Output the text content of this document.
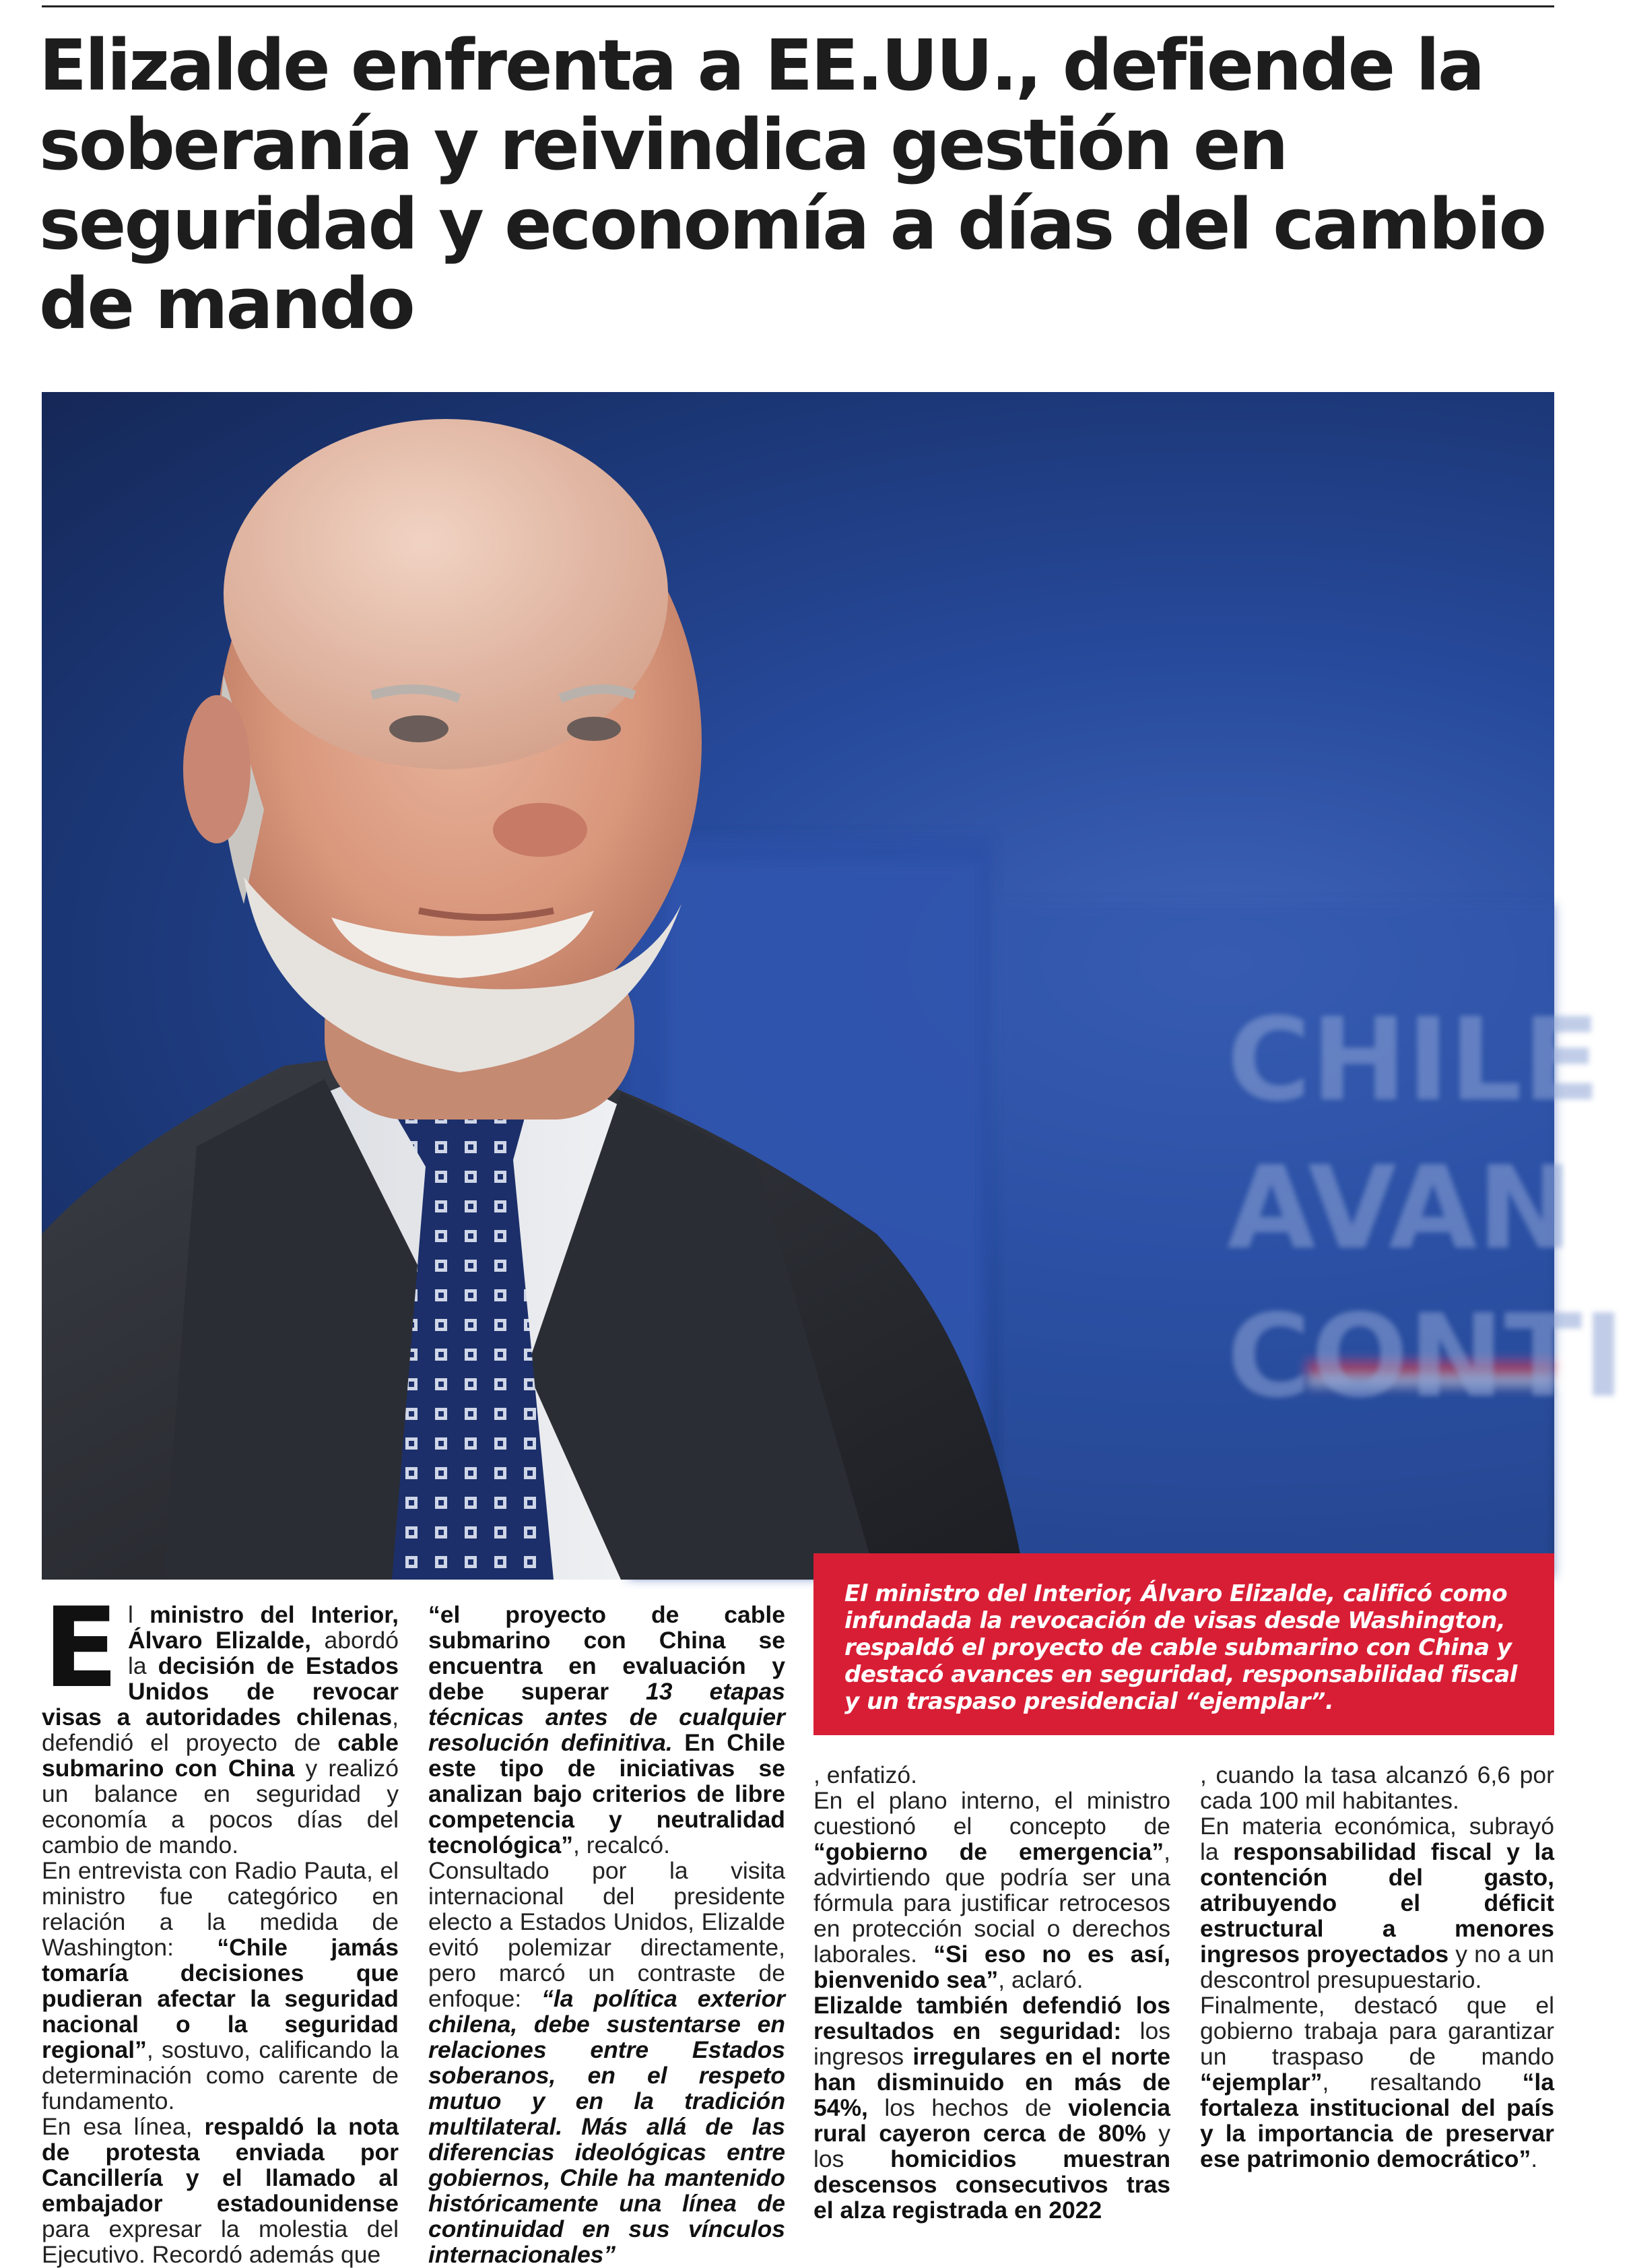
Elizalde enfrenta a EE.UU., defiende la soberanía y reivindica gestión en seguridad y economía a días del cambio de mando
CHILE
AVAN
CONTI

El ministro del Interior, Álvaro Elizalde, calificó como infundada la revocación de visas desde Washington, respaldó el proyecto de cable submarino con China y destacó avances en seguridad, responsabilidad fiscal y un traspaso presidencial “ejemplar”.

El ministro del Interior, Álvaro Elizalde, abordó la decisión de Estados Unidos de revocar visas a autoridades chilenas, defendió el proyecto de cable submarino con China y realizó un balance en seguridad y economía a pocos días del cambio de mando.

En entrevista con Radio Pauta, el ministro fue categórico en relación a la medida de Washington: “Chile jamás tomaría decisiones que pudieran afectar la seguridad nacional o la seguridad regional”, sostuvo, calificando la determinación como carente de fundamento.

En esa línea, respaldó la nota de protesta enviada por Cancillería y el llamado al embajador estadounidense para expresar la molestia del Ejecutivo. Recordó además que

“el proyecto de cable submarino con China se encuentra en evaluación y debe superar 13 etapas técnicas antes de cualquier resolución definitiva. En Chile este tipo de iniciativas se analizan bajo criterios de libre competencia y neutralidad tecnológica”, recalcó.

Consultado por la visita internacional del presidente electo a Estados Unidos, Elizalde evitó polemizar directamente, pero marcó un contraste de enfoque: “la política exterior chilena, debe sustentarse en relaciones entre Estados soberanos, en el respeto mutuo y en la tradición multilateral. Más allá de las diferencias ideológicas entre gobiernos, Chile ha mantenido históricamente una línea de continuidad en sus vínculos internacionales”

, enfatizó.

En el plano interno, el ministro cuestionó el concepto de “gobierno de emergencia”, advirtiendo que podría ser una fórmula para justificar retrocesos en protección social o derechos laborales. “Si eso no es así, bienvenido sea”, aclaró.

Elizalde también defendió los resultados en seguridad: los ingresos irregulares en el norte han disminuido en más de 54%, los hechos de violencia rural cayeron cerca de 80% y los homicidios muestran descensos consecutivos tras el alza registrada en 2022

, cuando la tasa alcanzó 6,6 por cada 100 mil habitantes.

En materia económica, subrayó la responsabilidad fiscal y la contención del gasto, atribuyendo el déficit estructural a menores ingresos proyectados y no a un descontrol presupuestario.

Finalmente, destacó que el gobierno trabaja para garantizar un traspaso de mando “ejemplar”, resaltando “la fortaleza institucional del país y la importancia de preservar ese patrimonio democrático”.
